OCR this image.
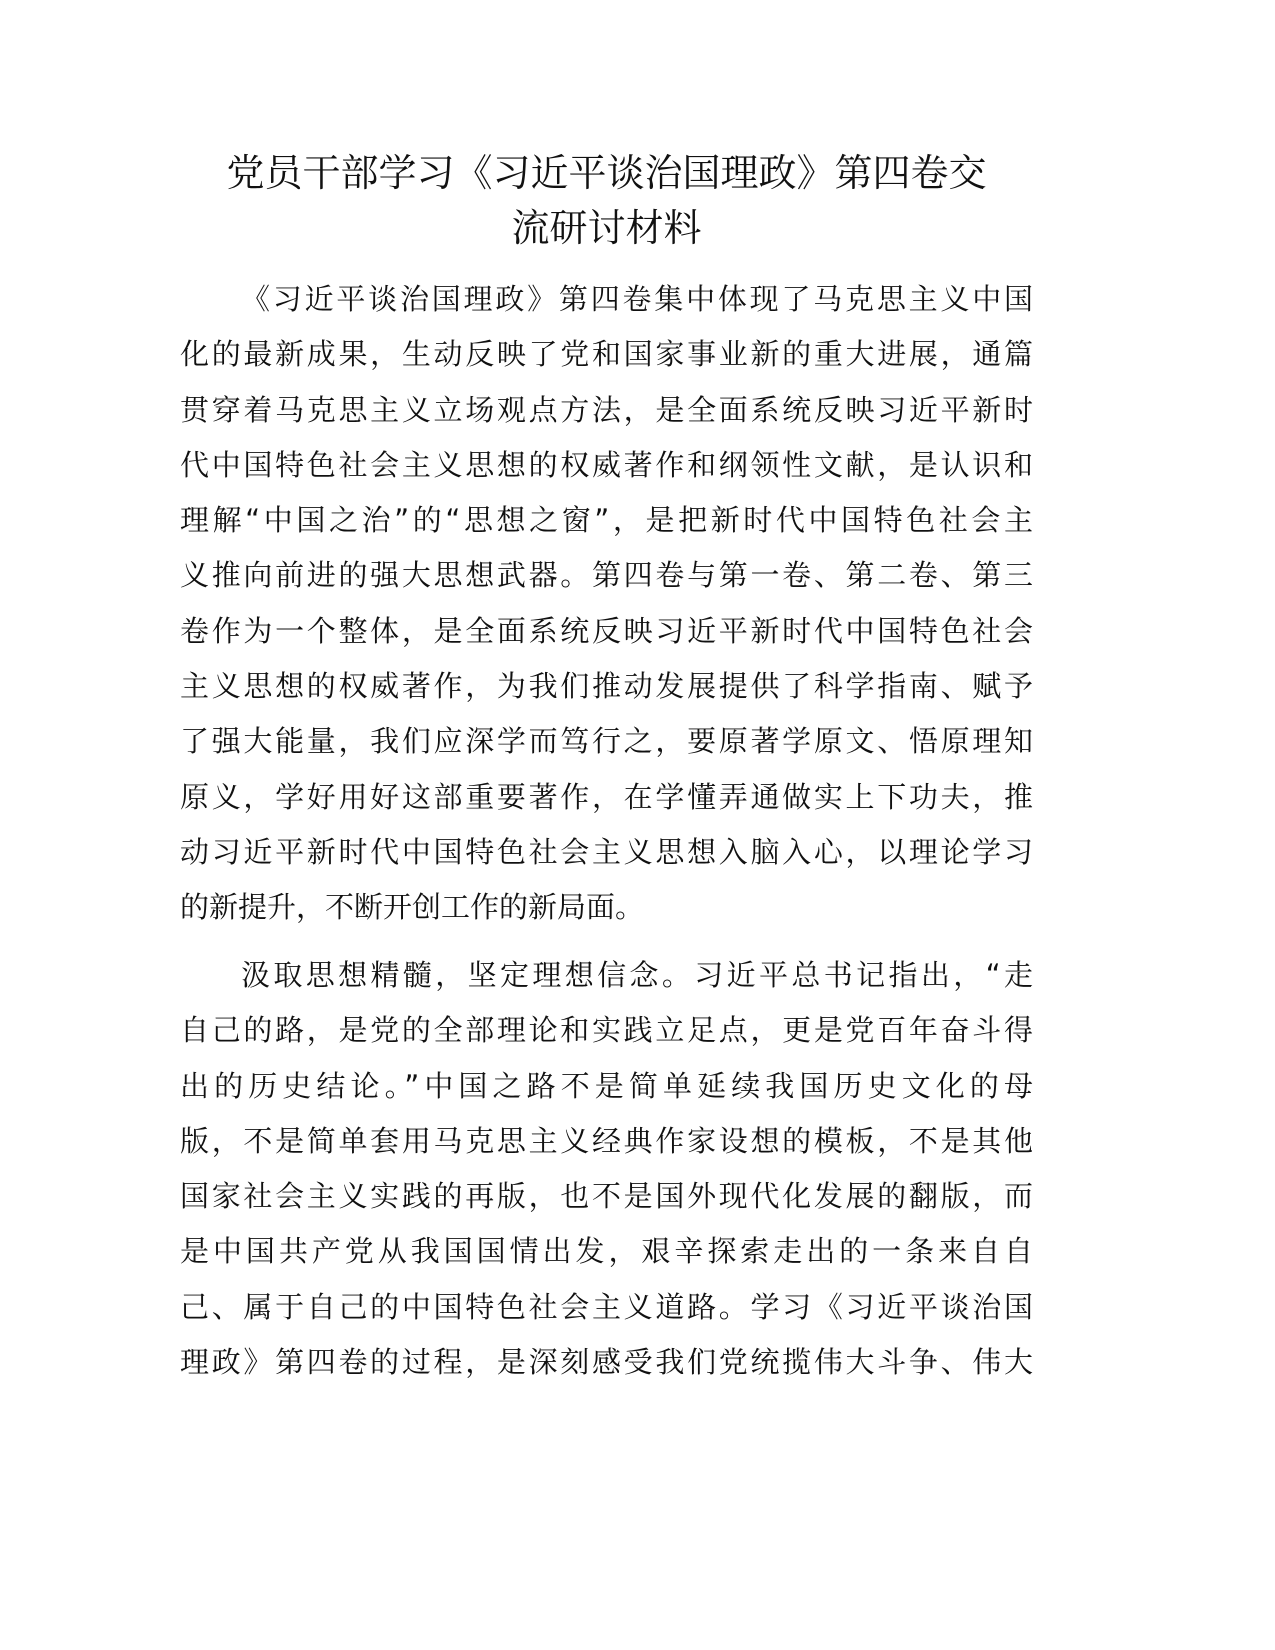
党员干部学习《习近平谈治国理政》第四卷交
流研讨材料
《习近平谈治国理政》第四卷集中体现了马克思主义中国
化的最新成果，生动反映了党和国家事业新的重大进展，通篇
贯穿着马克思主义立场观点方法，是全面系统反映习近平新时
代中国特色社会主义思想的权威著作和纲领性文献，是认识和
理解“中国之治”的“思想之窗”，是把新时代中国特色社会主
义推向前进的强大思想武器。第四卷与第一卷、第二卷、第三
卷作为一个整体，是全面系统反映习近平新时代中国特色社会
主义思想的权威著作，为我们推动发展提供了科学指南、赋予
了强大能量，我们应深学而笃行之，要原著学原文、悟原理知
原义，学好用好这部重要著作，在学懂弄通做实上下功夫，推
动习近平新时代中国特色社会主义思想入脑入心，以理论学习
的新提升，不断开创工作的新局面。
汲取思想精髓，坚定理想信念。习近平总书记指出，“走
自己的路，是党的全部理论和实践立足点，更是党百年奋斗得
出的历史结论。”中国之路不是简单延续我国历史文化的母
版，不是简单套用马克思主义经典作家设想的模板，不是其他
国家社会主义实践的再版，也不是国外现代化发展的翻版，而
是中国共产党从我国国情出发，艰辛探索走出的一条来自自
己、属于自己的中国特色社会主义道路。学习《习近平谈治国
理政》第四卷的过程，是深刻感受我们党统揽伟大斗争、伟大
